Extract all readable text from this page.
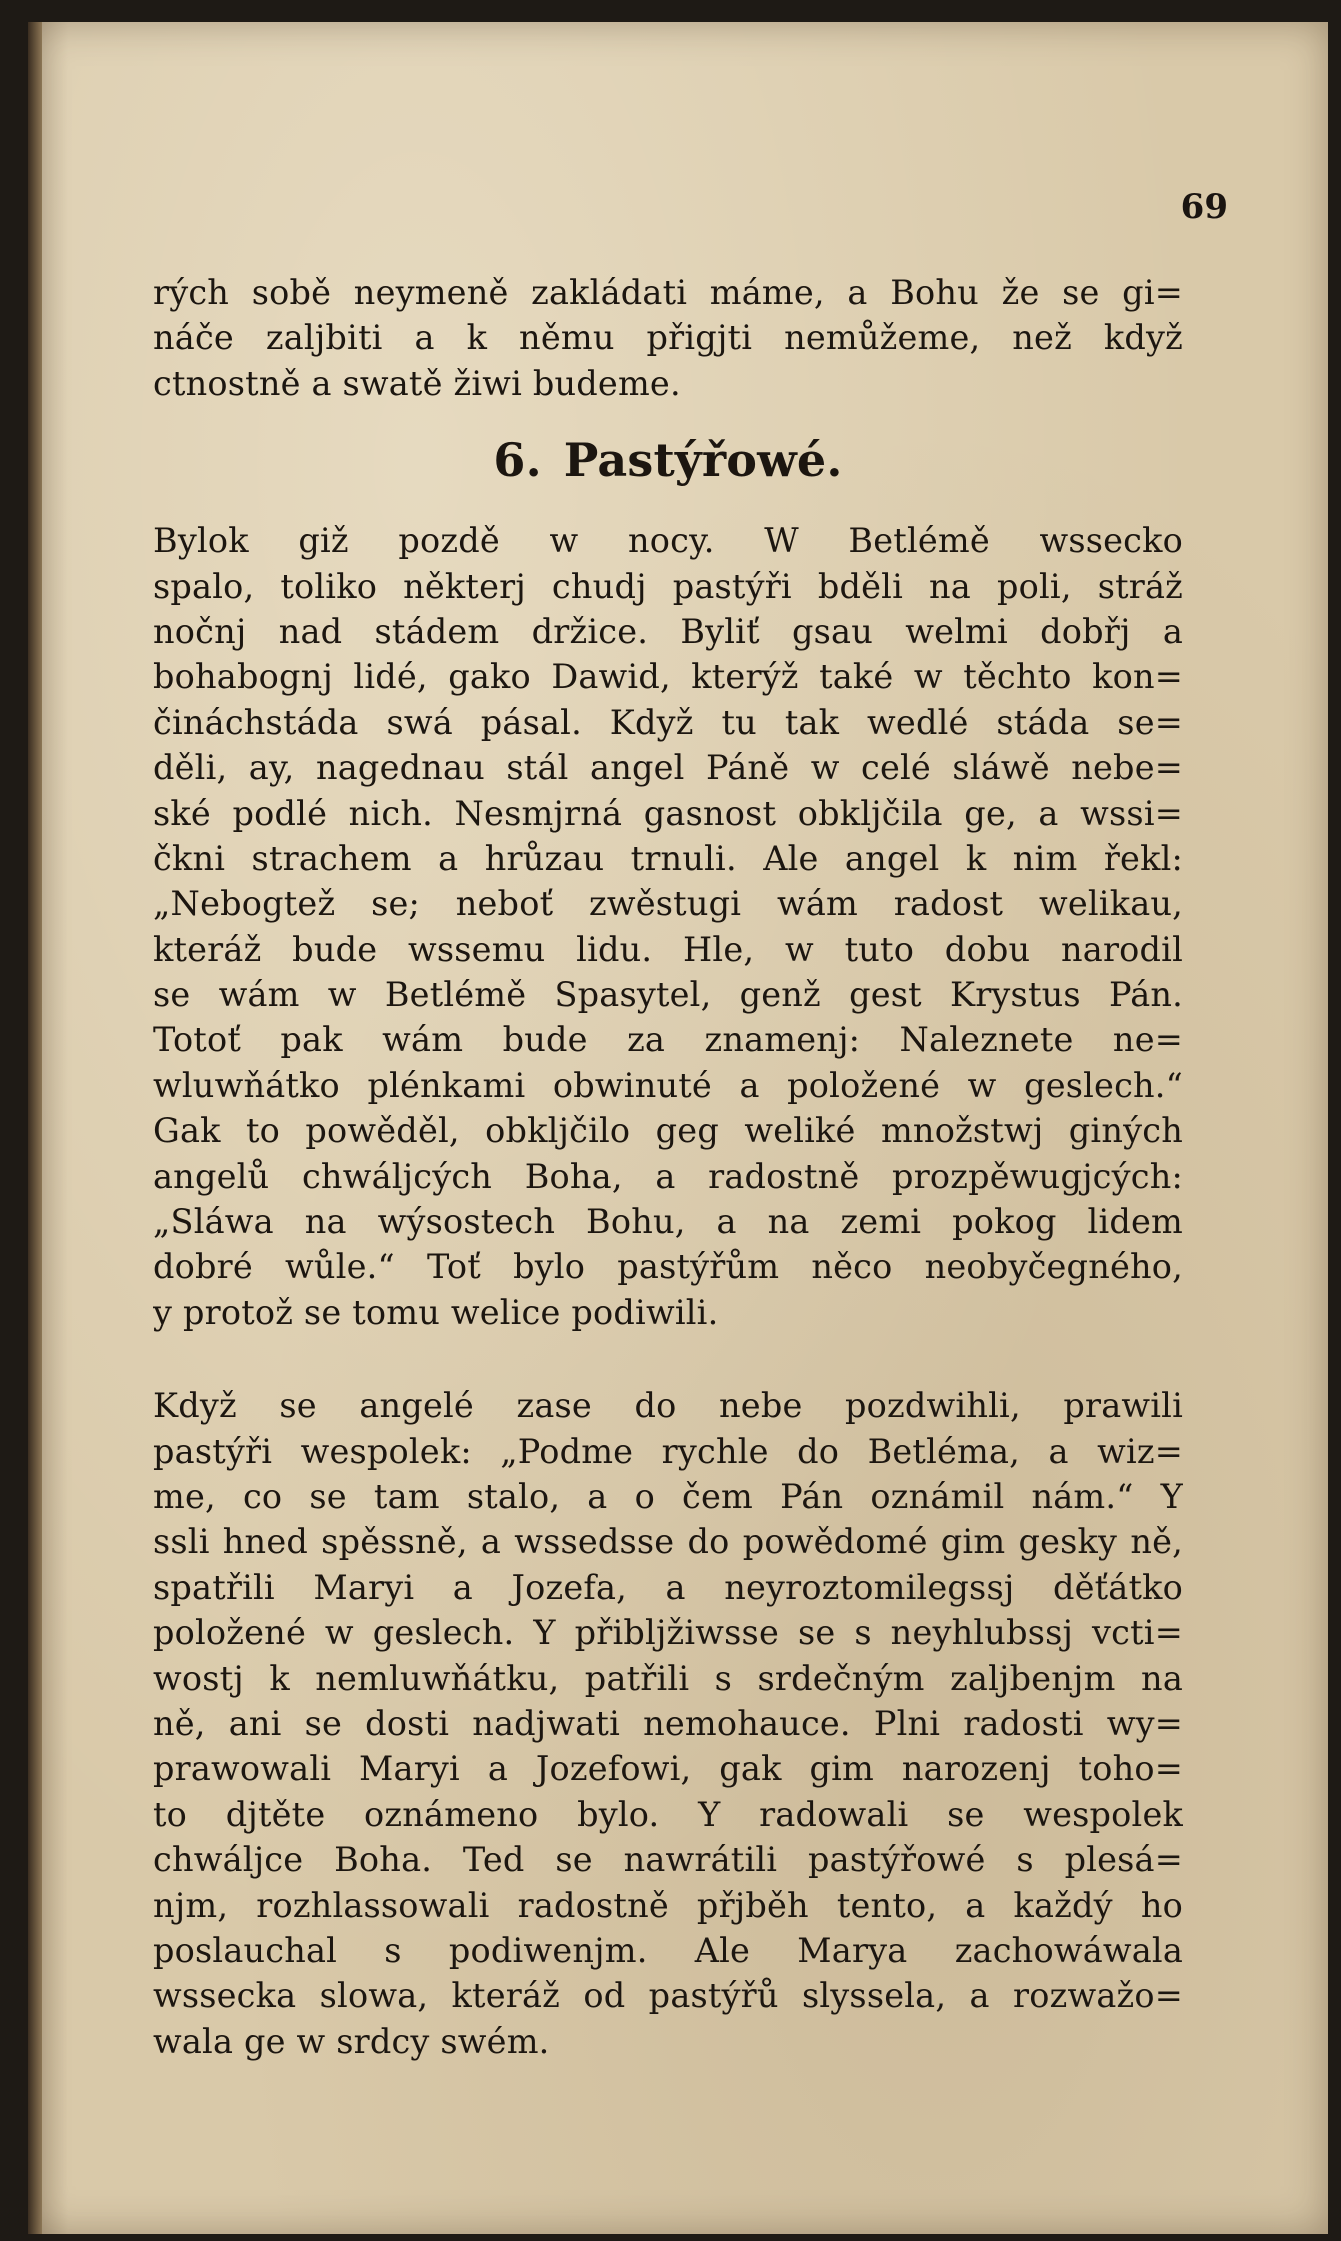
69
rých sobě neymeně zakládati máme, a Bohu že se gi=
náče zaljbiti a k němu přigjti nemůžeme, než když
ctnostně a swatě žiwi budeme.
6. Pastýřowé.
Bylok giž pozdě w nocy. W Betlémě wssecko
spalo, toliko některj chudj pastýři bděli na poli, stráž
nočnj nad stádem držice. Byliť gsau welmi dobřj a
bohabognj lidé, gako Dawid, kterýž také w těchto kon=
čináchstáda swá pásal. Když tu tak wedlé stáda se=
děli, ay, nagednau stál angel Páně w celé sláwě nebe=
ské podlé nich. Nesmjrná gasnost obkljčila ge, a wssi=
čkni strachem a hrůzau trnuli. Ale angel k nim řekl:
„Nebogtež se; neboť zwěstugi wám radost welikau,
kteráž bude wssemu lidu. Hle, w tuto dobu narodil
se wám w Betlémě Spasytel, genž gest Krystus Pán.
Totoť pak wám bude za znamenj: Naleznete ne=
wluwňátko plénkami obwinuté a položené w geslech.“
Gak to powěděl, obkljčilo geg weliké množstwj giných
angelů chwáljcých Boha, a radostně prozpěwugjcých:
„Sláwa na wýsostech Bohu, a na zemi pokog lidem
dobré wůle.“ Toť bylo pastýřům něco neobyčegného,
y protož se tomu welice podiwili.
Když se angelé zase do nebe pozdwihli, prawili
pastýři wespolek: „Podme rychle do Betléma, a wiz=
me, co se tam stalo, a o čem Pán oznámil nám.“ Y
ssli hned spěssně, a wssedsse do powědomé gim gesky ně,
spatřili Maryi a Jozefa, a neyroztomilegssj děťátko
položené w geslech. Y přibljžiwsse se s neyhlubssj vcti=
wostj k nemluwňátku, patřili s srdečným zaljbenjm na
ně, ani se dosti nadjwati nemohauce. Plni radosti wy=
prawowali Maryi a Jozefowi, gak gim narozenj toho=
to djtěte oznámeno bylo. Y radowali se wespolek
chwáljce Boha. Ted se nawrátili pastýřowé s plesá=
njm, rozhlassowali radostně přjběh tento, a každý ho
poslauchal s podiwenjm. Ale Marya zachowáwala
wssecka slowa, kteráž od pastýřů slyssela, a rozwažo=
wala ge w srdcy swém.
